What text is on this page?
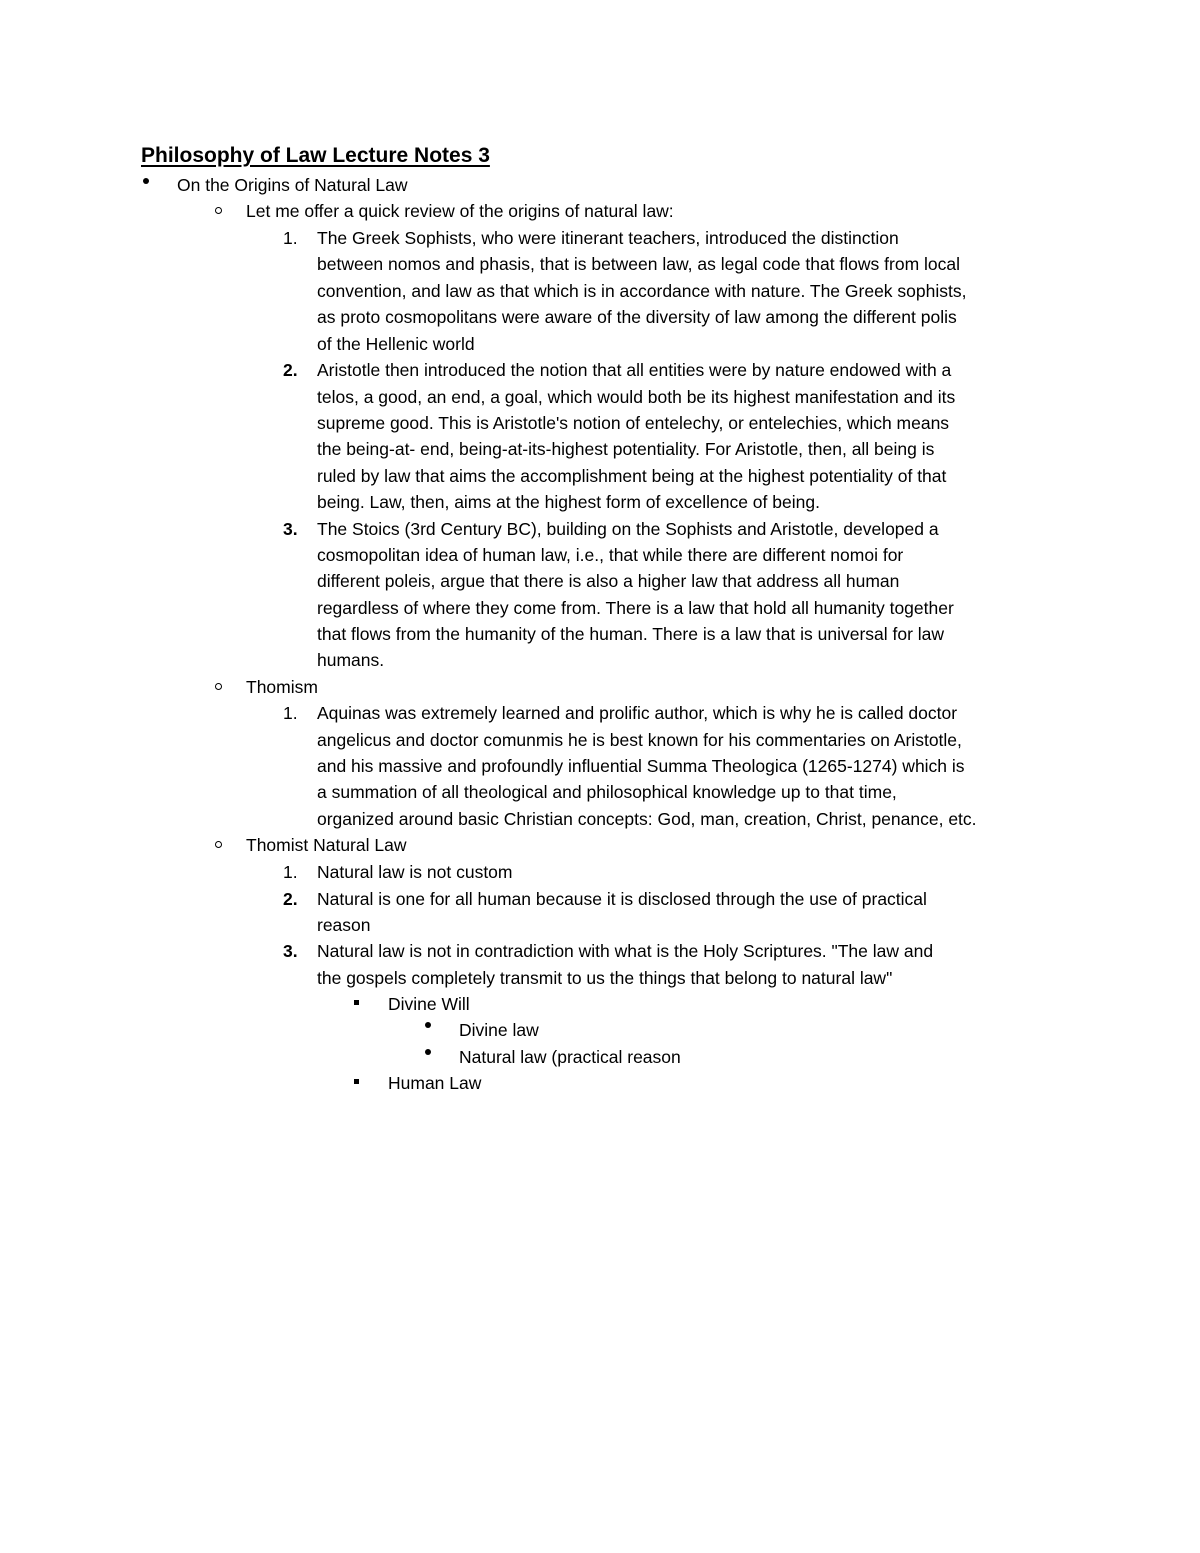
Philosophy of Law Lecture Notes 3
On the Origins of Natural Law
Let me offer a quick review of the origins of natural law:
1. The Greek Sophists, who were itinerant teachers, introduced the distinction
between nomos and phasis, that is between law, as legal code that flows from local
convention, and law as that which is in accordance with nature. The Greek sophists,
as proto cosmopolitans were aware of the diversity of law among the different polis
of the Hellenic world
2. Aristotle then introduced the notion that all entities were by nature endowed with a
telos, a good, an end, a goal, which would both be its highest manifestation and its
supreme good. This is Aristotle's notion of entelechy, or entelechies, which means
the being-at- end, being-at-its-highest potentiality. For Aristotle, then, all being is
ruled by law that aims the accomplishment being at the highest potentiality of that
being. Law, then, aims at the highest form of excellence of being.
3. The Stoics (3rd Century BC), building on the Sophists and Aristotle, developed a
cosmopolitan idea of human law, i.e., that while there are different nomoi for
different poleis, argue that there is also a higher law that address all human
regardless of where they come from. There is a law that hold all humanity together
that flows from the humanity of the human. There is a law that is universal for law
humans.
Thomism
1. Aquinas was extremely learned and prolific author, which is why he is called doctor
angelicus and doctor comunmis he is best known for his commentaries on Aristotle,
and his massive and profoundly influential Summa Theologica (1265-1274) which is
a summation of all theological and philosophical knowledge up to that time,
organized around basic Christian concepts: God, man, creation, Christ, penance, etc.
Thomist Natural Law
1. Natural law is not custom
2. Natural is one for all human because it is disclosed through the use of practical
reason
3. Natural law is not in contradiction with what is the Holy Scriptures. "The law and
the gospels completely transmit to us the things that belong to natural law"
Divine Will
Divine law
Natural law (practical reason
Human Law
